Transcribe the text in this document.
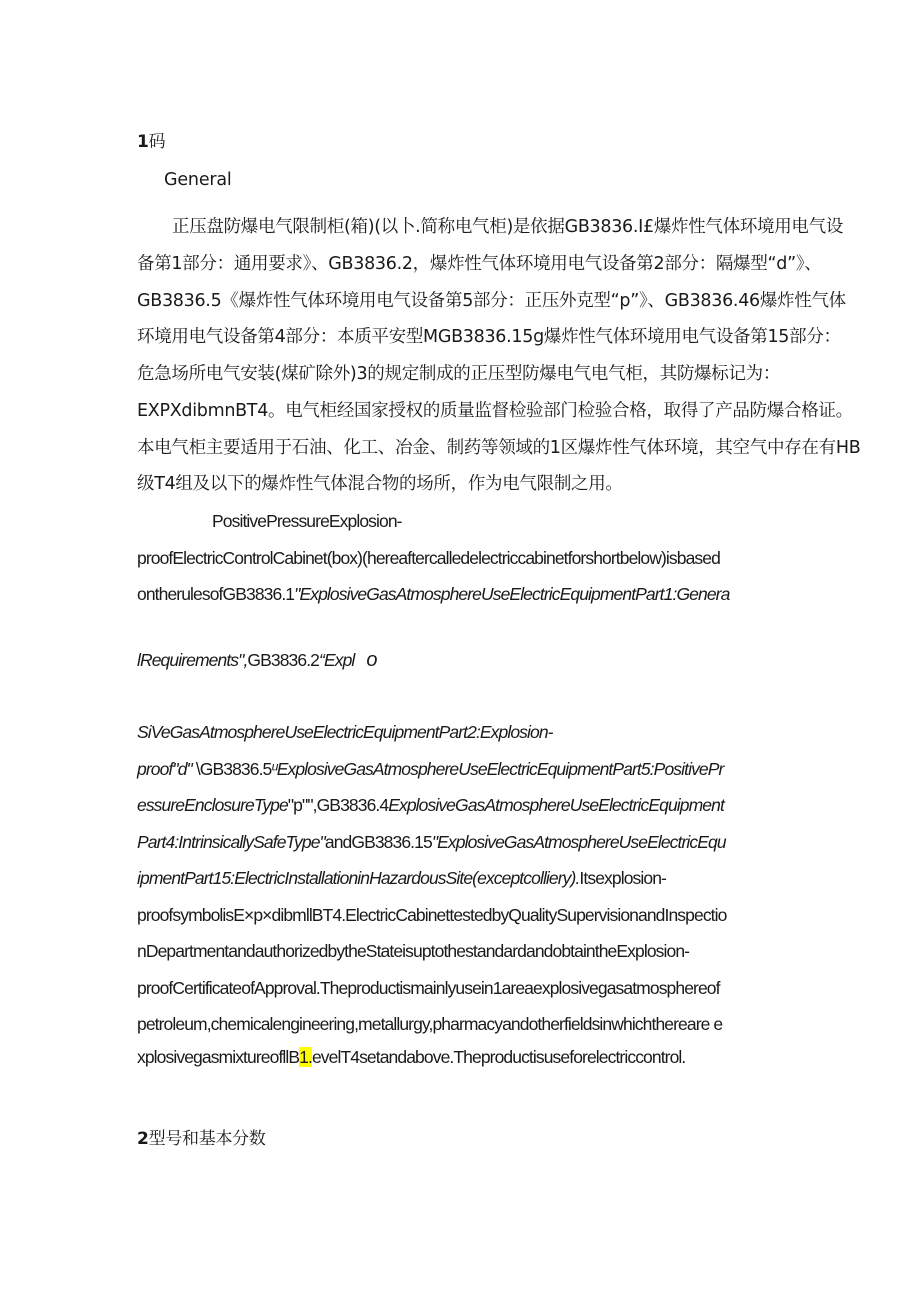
1码
General
正压盘防爆电气限制柜(箱)(以卜.简称电气柜)是依据GB3836.I£爆炸性气体环境用电气设
备第1部分：通用要求》、GB3836.2，爆炸性气体环境用电气设备第2部分：隔爆型“d”》、
GB3836.5《爆炸性气体环境用电气设备第5部分：正压外克型“p”》、GB3836.46爆炸性气体
环境用电气设备第4部分：本质平安型MGB3836.15g爆炸性气体环境用电气设备第15部分：
危急场所电气安装(煤矿除外)3的规定制成的正压型防爆电气电气柜，其防爆标记为：
EXPXdibmnBT4。电气柜经国家授权的质量监督检验部门检验合格，取得了产品防爆合格证。
本电气柜主要适用于石油、化工、冶金、制药等领域的1区爆炸性气体环境，其空气中存在有HB
级T4组及以下的爆炸性气体混合物的场所，作为电气限制之用。
PositivePressureExplosion-
proofElectricControlCabinet(box)(hereaftercalledelectriccabinetforshortbelow)isbased
ontherulesofGB3836.1"ExplosiveGasAtmosphereUseElectricEquipmentPart1:Genera
lRequirements",GB3836.2“Expl o
SiVeGasAtmosphereUseElectricEquipmentPart2:Explosion-
proof"d" \GB3836.5ᵘExplosiveGasAtmosphereUseElectricEquipmentPart5:PositivePr
essureEnclosureType"p"",GB3836.4ExplosiveGasAtmosphereUseElectricEquipment
Part4:IntrinsicallySafeType"andGB3836.15"ExplosiveGasAtmosphereUseElectricEqu
ipmentPart15:ElectricInstallationinHazardousSite(exceptcolliery).Itsexplosion-
proofsymbolisE×p×dibmllBT4.ElectricCabinettestedbyQualitySupervisionandInspectio
nDepartmentandauthorizedbytheStateisuptothestandardandobtaintheExplosion-
proofCertificateofApproval.Theproductismainlyusein1areaexplosivegasatmosphereof
petroleum,chemicalengineering,metallurgy,pharmacyandotherfieldsinwhichthereare e
xplosivegasmixtureofllB1.evelT4setandabove.Theproductisuseforelectriccontrol.
2型号和基本分数
